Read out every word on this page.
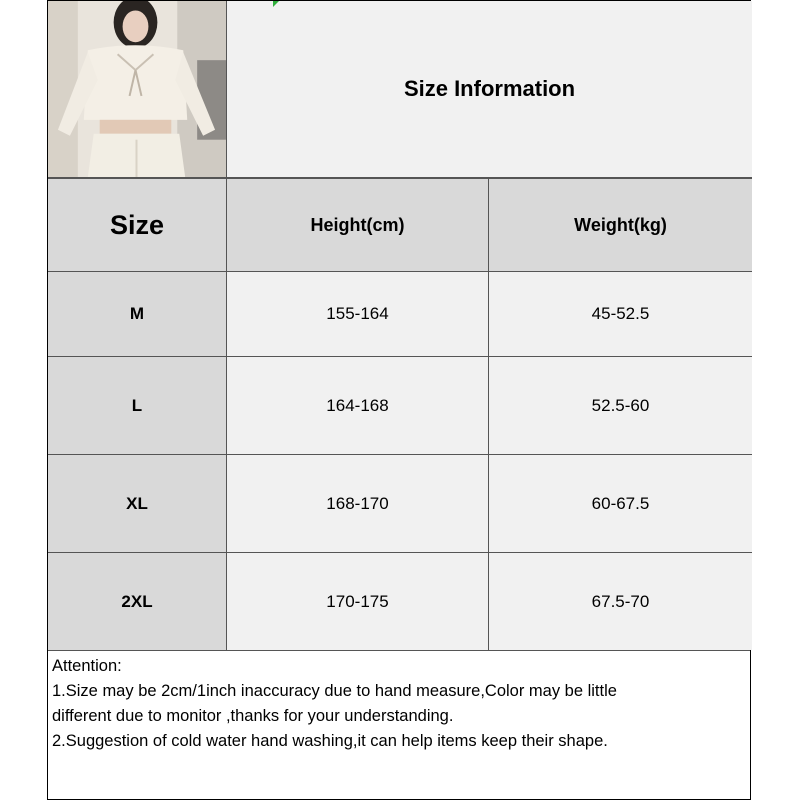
Size Information
Size	Height(cm)	Weight(kg)
M	155-164	45-52.5
L	164-168	52.5-60
XL	168-170	60-67.5
2XL	170-175	67.5-70
Attention:
1.Size may be 2cm/1inch inaccuracy due to hand measure,Color may be little
different due to monitor ,thanks for your understanding.
2.Suggestion of cold water hand washing,it can help items keep their shape.
